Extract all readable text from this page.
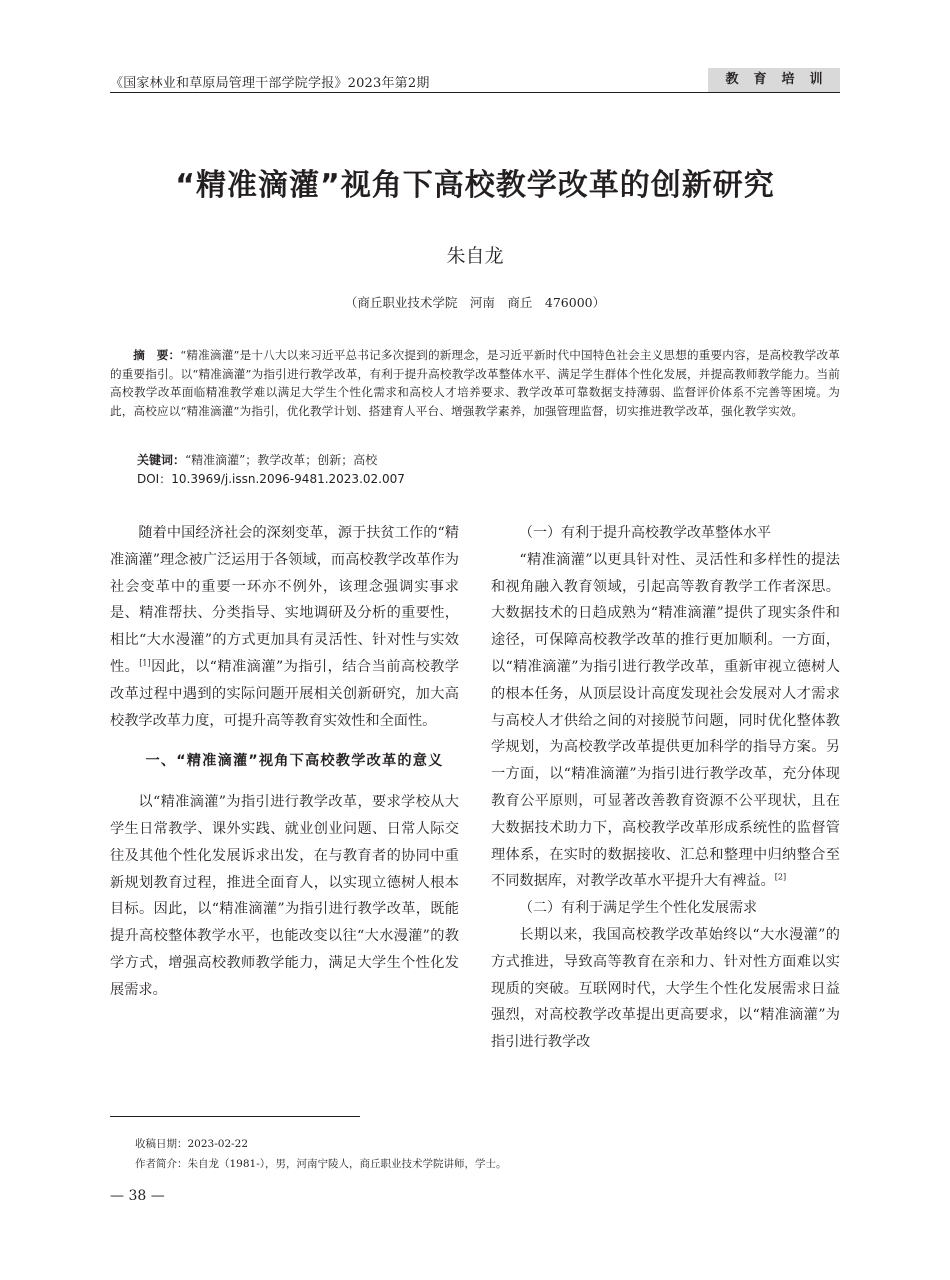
《国家林业和草原局管理干部学院学报》2023年第2期	教育培训
“精准滴灌”视角下高校教学改革的创新研究
朱自龙
（商丘职业技术学院　河南　商丘　476000）

摘　要：“精准滴灌”是十八大以来习近平总书记多次提到的新理念，是习近平新时代中国特色社会主义思想的重要内容，是高校教学改革的重要指引。以“精准滴灌”为指引进行教学改革，有利于提升高校教学改革整体水平、满足学生群体个性化发展，并提高教师教学能力。当前高校教学改革面临精准教学难以满足大学生个性化需求和高校人才培养要求、教学改革可靠数据支持薄弱、监督评价体系不完善等困境。为此，高校应以“精准滴灌”为指引，优化教学计划、搭建育人平台、增强教学素养，加强管理监督，切实推进教学改革，强化教学实效。

关键词：“精准滴灌”；教学改革；创新；高校
DOI：10.3969/j.issn.2096-9481.2023.02.007

随着中国经济社会的深刻变革，源于扶贫工作的“精准滴灌”理念被广泛运用于各领域，而高校教学改革作为社会变革中的重要一环亦不例外，该理念强调实事求是、精准帮扶、分类指导、实地调研及分析的重要性，相比“大水漫灌”的方式更加具有灵活性、针对性与实效性。[1]因此，以“精准滴灌”为指引，结合当前高校教学改革过程中遇到的实际问题开展相关创新研究，加大高校教学改革力度，可提升高等教育实效性和全面性。

一、“精准滴灌”视角下高校教学改革的意义

以“精准滴灌”为指引进行教学改革，要求学校从大学生日常教学、课外实践、就业创业问题、日常人际交往及其他个性化发展诉求出发，在与教育者的协同中重新规划教育过程，推进全面育人，以实现立德树人根本目标。因此，以“精准滴灌”为指引进行教学改革，既能提升高校整体教学水平，也能改变以往“大水漫灌”的教学方式，增强高校教师教学能力，满足大学生个性化发展需求。

（一）有利于提升高校教学改革整体水平

“精准滴灌”以更具针对性、灵活性和多样性的提法和视角融入教育领域，引起高等教育教学工作者深思。大数据技术的日趋成熟为“精准滴灌”提供了现实条件和途径，可保障高校教学改革的推行更加顺利。一方面，以“精准滴灌”为指引进行教学改革，重新审视立德树人的根本任务，从顶层设计高度发现社会发展对人才需求与高校人才供给之间的对接脱节问题，同时优化整体教学规划，为高校教学改革提供更加科学的指导方案。另一方面，以“精准滴灌”为指引进行教学改革，充分体现教育公平原则，可显著改善教育资源不公平现状，且在大数据技术助力下，高校教学改革形成系统性的监督管理体系，在实时的数据接收、汇总和整理中归纳整合至不同数据库，对教学改革水平提升大有裨益。[2]

（二）有利于满足学生个性化发展需求

长期以来，我国高校教学改革始终以“大水漫灌”的方式推进，导致高等教育在亲和力、针对性方面难以实现质的突破。互联网时代，大学生个性化发展需求日益强烈，对高校教学改革提出更高要求，以“精准滴灌”为指引进行教学改

收稿日期：2023-02-22
作者简介：朱自龙（1981-），男，河南宁陵人，商丘职业技术学院讲师，学士。
— 38 —
